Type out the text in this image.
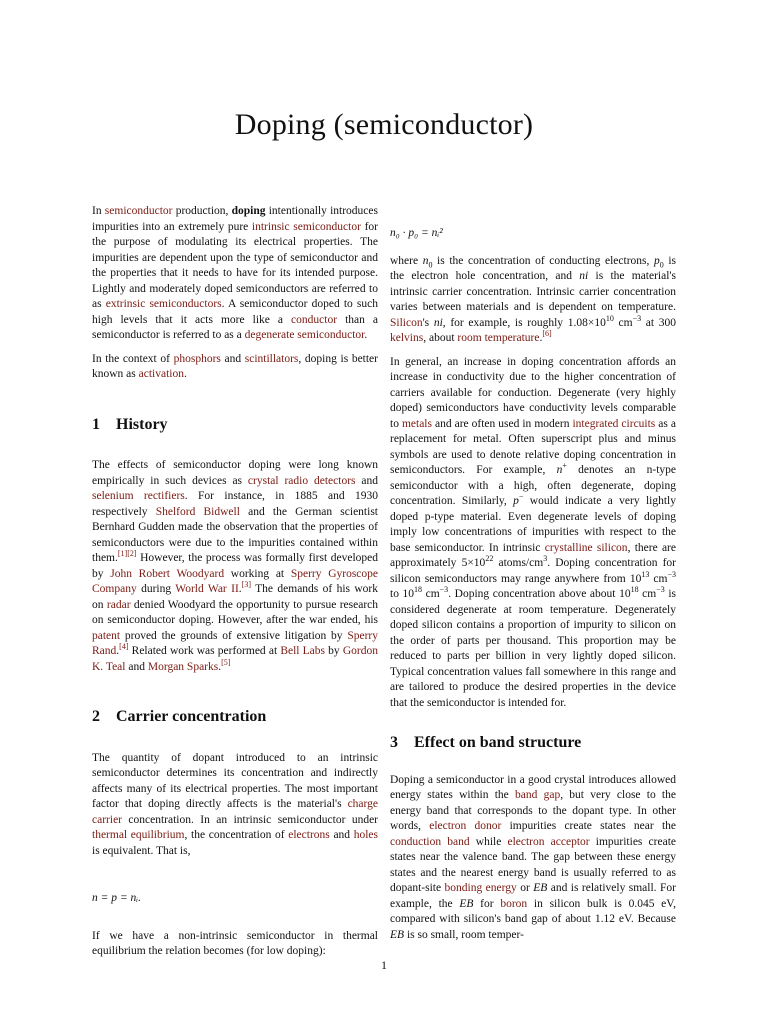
Doping (semiconductor)

In semiconductor production, doping intentionally introduces impurities into an extremely pure intrinsic semiconductor for the purpose of modulating its electrical properties. The impurities are dependent upon the type of semiconductor and the properties that it needs to have for its intended purpose. Lightly and moderately doped semiconductors are referred to as extrinsic semiconductors. A semiconductor doped to such high levels that it acts more like a conductor than a semiconductor is referred to as a degenerate semiconductor.

In the context of phosphors and scintillators, doping is better known as activation.

1 History

The effects of semiconductor doping were long known empirically in such devices as crystal radio detectors and selenium rectifiers. For instance, in 1885 and 1930 respectively Shelford Bidwell and the German scientist Bernhard Gudden made the observation that the properties of semiconductors were due to the impurities contained within them.[1][2] However, the process was formally first developed by John Robert Woodyard working at Sperry Gyroscope Company during World War II.[3] The demands of his work on radar denied Woodyard the opportunity to pursue research on semiconductor doping. However, after the war ended, his patent proved the grounds of extensive litigation by Sperry Rand.[4] Related work was performed at Bell Labs by Gordon K. Teal and Morgan Sparks.[5]

2 Carrier concentration

The quantity of dopant introduced to an intrinsic semiconductor determines its concentration and indirectly affects many of its electrical properties. The most important factor that doping directly affects is the material's charge carrier concentration. In an intrinsic semiconductor under thermal equilibrium, the concentration of electrons and holes is equivalent. That is,

n = p = nᵢ.

If we have a non-intrinsic semiconductor in thermal equilibrium the relation becomes (for low doping):

n₀ · p₀ = nᵢ²

where $n_0$ is the concentration of conducting electrons, $p_0$ is the electron hole concentration, and ni is the material's intrinsic carrier concentration. Intrinsic carrier concentration varies between materials and is dependent on temperature. Silicon's ni, for example, is roughly $1.08\times 10^{10}$ $cm^{-3}$ at 300 kelvins, about room temperature.[6]

In general, an increase in doping concentration affords an increase in conductivity due to the higher concentration of carriers available for conduction. Degenerate (very highly doped) semiconductors have conductivity levels comparable to metals and are often used in modern integrated circuits as a replacement for metal. Often superscript plus and minus symbols are used to denote relative doping concentration in semiconductors. For example, n+ denotes an n-type semiconductor with a high, often degenerate, doping concentration. Similarly, p− would indicate a very lightly doped p-type material. Even degenerate levels of doping imply low concentrations of impurities with respect to the base semiconductor. In intrinsic crystalline silicon, there are approximately $5\times 10^{22}$ atoms/$cm^3$. Doping concentration for silicon semiconductors may range anywhere from $10^{13}$ $cm^{-3}$ to $10^{18}$ $cm^{-3}$. Doping concentration above about $10^{18}$ $cm^{-3}$ is considered degenerate at room temperature. Degenerately doped silicon contains a proportion of impurity to silicon on the order of parts per thousand. This proportion may be reduced to parts per billion in very lightly doped silicon. Typical concentration values fall somewhere in this range and are tailored to produce the desired properties in the device that the semiconductor is intended for.

3 Effect on band structure

Doping a semiconductor in a good crystal introduces allowed energy states within the band gap, but very close to the energy band that corresponds to the dopant type. In other words, electron donor impurities create states near the conduction band while electron acceptor impurities create states near the valence band. The gap between these energy states and the nearest energy band is usually referred to as dopant-site bonding energy or EB and is relatively small. For example, the EB for boron in silicon bulk is 0.045 eV, compared with silicon's band gap of about 1.12 eV. Because EB is so small, room temper-

1
